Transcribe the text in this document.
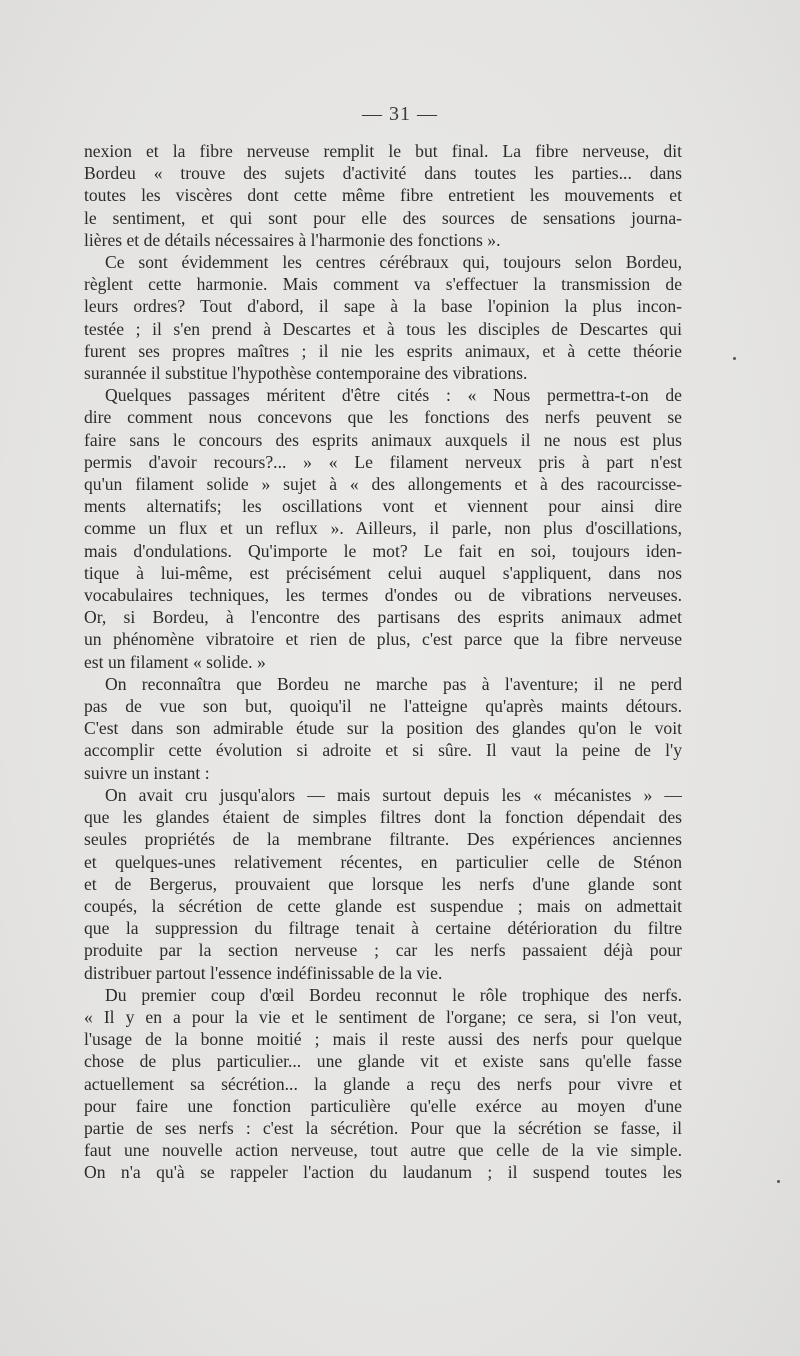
— 31 —

nexion et la fibre nerveuse remplit le but final. La fibre nerveuse, dit

Bordeu « trouve des sujets d'activité dans toutes les parties... dans

toutes les viscères dont cette même fibre entretient les mouvements et

le sentiment, et qui sont pour elle des sources de sensations journa-

lières et de détails nécessaires à l'harmonie des fonctions ».

Ce sont évidemment les centres cérébraux qui, toujours selon Bordeu,

règlent cette harmonie. Mais comment va s'effectuer la transmission de

leurs ordres? Tout d'abord, il sape à la base l'opinion la plus incon-

testée ; il s'en prend à Descartes et à tous les disciples de Descartes qui

furent ses propres maîtres ; il nie les esprits animaux, et à cette théorie

surannée il substitue l'hypothèse contemporaine des vibrations.

Quelques passages méritent d'être cités : « Nous permettra-t-on de

dire comment nous concevons que les fonctions des nerfs peuvent se

faire sans le concours des esprits animaux auxquels il ne nous est plus

permis d'avoir recours?... » « Le filament nerveux pris à part n'est

qu'un filament solide » sujet à « des allongements et à des racourcisse-

ments alternatifs; les oscillations vont et viennent pour ainsi dire

comme un flux et un reflux ». Ailleurs, il parle, non plus d'oscillations,

mais d'ondulations. Qu'importe le mot? Le fait en soi, toujours iden-

tique à lui-même, est précisément celui auquel s'appliquent, dans nos

vocabulaires techniques, les termes d'ondes ou de vibrations nerveuses.

Or, si Bordeu, à l'encontre des partisans des esprits animaux admet

un phénomène vibratoire et rien de plus, c'est parce que la fibre nerveuse

est un filament « solide. »

On reconnaîtra que Bordeu ne marche pas à l'aventure; il ne perd

pas de vue son but, quoiqu'il ne l'atteigne qu'après maints détours.

C'est dans son admirable étude sur la position des glandes qu'on le voit

accomplir cette évolution si adroite et si sûre. Il vaut la peine de l'y

suivre un instant :

On avait cru jusqu'alors — mais surtout depuis les « mécanistes » —

que les glandes étaient de simples filtres dont la fonction dépendait des

seules propriétés de la membrane filtrante. Des expériences anciennes

et quelques-unes relativement récentes, en particulier celle de Sténon

et de Bergerus, prouvaient que lorsque les nerfs d'une glande sont

coupés, la sécrétion de cette glande est suspendue ; mais on admettait

que la suppression du filtrage tenait à certaine détérioration du filtre

produite par la section nerveuse ; car les nerfs passaient déjà pour

distribuer partout l'essence indéfinissable de la vie.

Du premier coup d'œil Bordeu reconnut le rôle trophique des nerfs.

« Il y en a pour la vie et le sentiment de l'organe; ce sera, si l'on veut,

l'usage de la bonne moitié ; mais il reste aussi des nerfs pour quelque

chose de plus particulier... une glande vit et existe sans qu'elle fasse

actuellement sa sécrétion... la glande a reçu des nerfs pour vivre et

pour faire une fonction particulière qu'elle exérce au moyen d'une

partie de ses nerfs : c'est la sécrétion. Pour que la sécrétion se fasse, il

faut une nouvelle action nerveuse, tout autre que celle de la vie simple.

On n'a qu'à se rappeler l'action du laudanum ; il suspend toutes les
